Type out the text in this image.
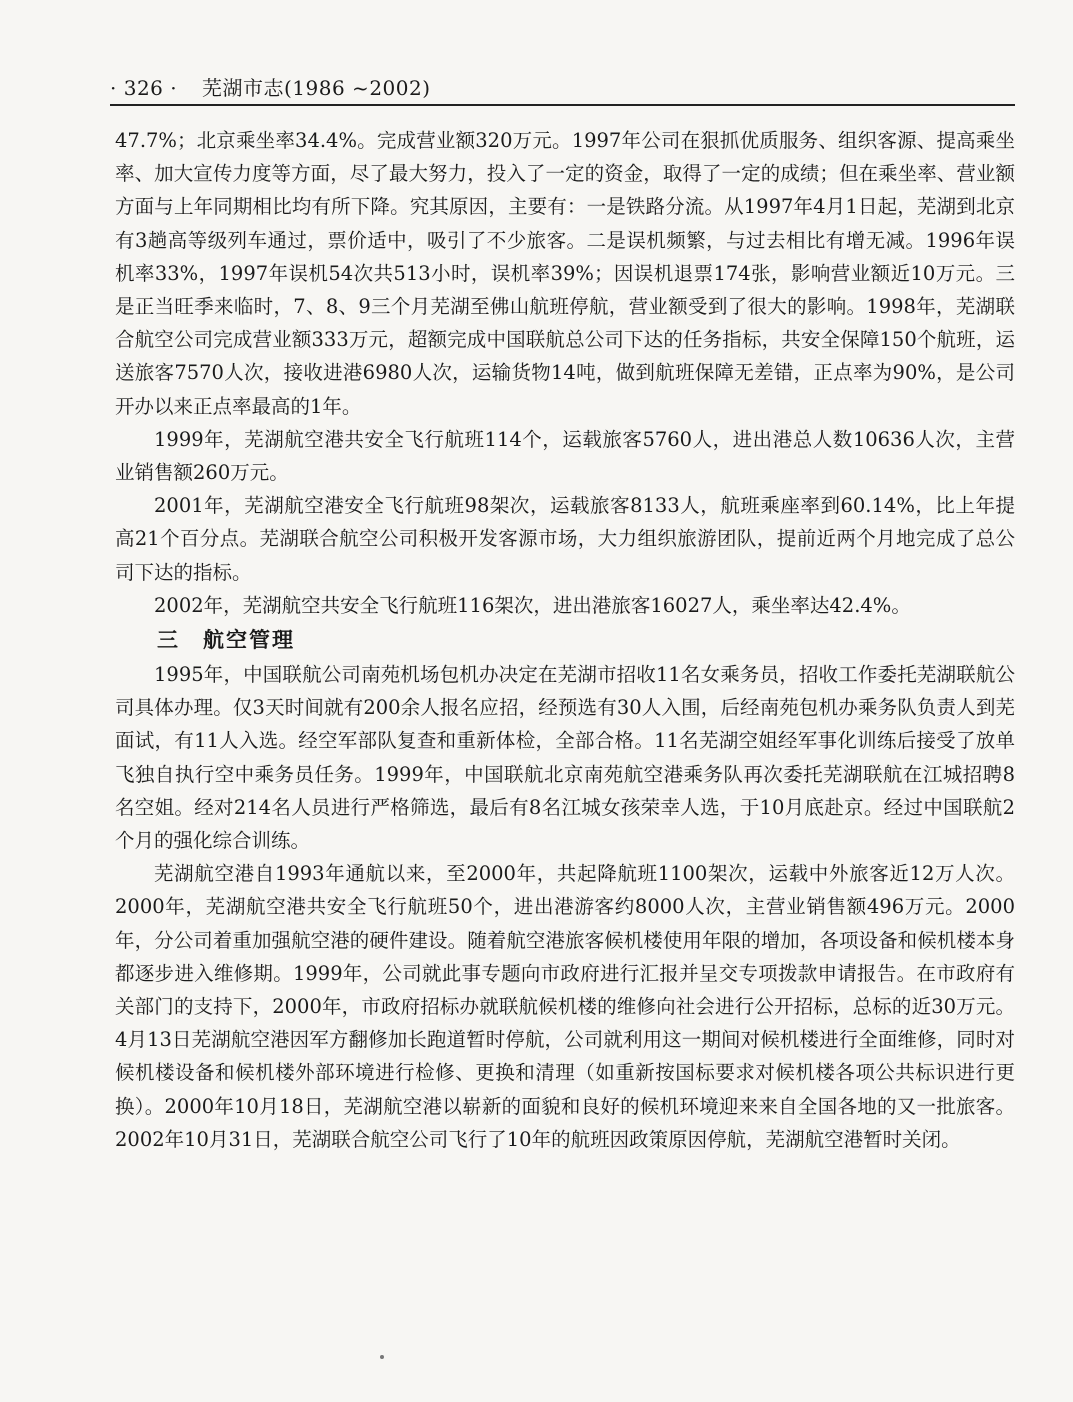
· 326 · 芜湖市志(1986 ~2002)

47.7%；北京乘坐率34.4%。完成营业额320万元。1997年公司在狠抓优质服务、组织客源、提高乘坐率、加大宣传力度等方面，尽了最大努力，投入了一定的资金，取得了一定的成绩；但在乘坐率、营业额方面与上年同期相比均有所下降。究其原因，主要有：一是铁路分流。从1997年4月1日起，芜湖到北京有3趟高等级列车通过，票价适中，吸引了不少旅客。二是误机频繁，与过去相比有增无减。1996年误机率33%，1997年误机54次共513小时，误机率39%；因误机退票174张，影响营业额近10万元。三是正当旺季来临时，7、8、9三个月芜湖至佛山航班停航，营业额受到了很大的影响。1998年，芜湖联合航空公司完成营业额333万元，超额完成中国联航总公司下达的任务指标，共安全保障150个航班，运送旅客7570人次，接收进港6980人次，运输货物14吨，做到航班保障无差错，正点率为90%，是公司开办以来正点率最高的1年。

1999年，芜湖航空港共安全飞行航班114个，运载旅客5760人，进出港总人数10636人次，主营业销售额260万元。

2001年，芜湖航空港安全飞行航班98架次，运载旅客8133人，航班乘座率到60.14%，比上年提高21个百分点。芜湖联合航空公司积极开发客源市场，大力组织旅游团队，提前近两个月地完成了总公司下达的指标。

2002年，芜湖航空共安全飞行航班116架次，进出港旅客16027人，乘坐率达42.4%。

三　航空管理

1995年，中国联航公司南苑机场包机办决定在芜湖市招收11名女乘务员，招收工作委托芜湖联航公司具体办理。仅3天时间就有200余人报名应招，经预选有30人入围，后经南苑包机办乘务队负责人到芜面试，有11人入选。经空军部队复查和重新体检，全部合格。11名芜湖空姐经军事化训练后接受了放单飞独自执行空中乘务员任务。1999年，中国联航北京南苑航空港乘务队再次委托芜湖联航在江城招聘8名空姐。经对214名人员进行严格筛选，最后有8名江城女孩荣幸人选，于10月底赴京。经过中国联航2个月的强化综合训练。

芜湖航空港自1993年通航以来，至2000年，共起降航班1100架次，运载中外旅客近12万人次。2000年，芜湖航空港共安全飞行航班50个，进出港游客约8000人次，主营业销售额496万元。2000年，分公司着重加强航空港的硬件建设。随着航空港旅客候机楼使用年限的增加，各项设备和候机楼本身都逐步进入维修期。1999年，公司就此事专题向市政府进行汇报并呈交专项拨款申请报告。在市政府有关部门的支持下，2000年，市政府招标办就联航候机楼的维修向社会进行公开招标，总标的近30万元。4月13日芜湖航空港因军方翻修加长跑道暂时停航，公司就利用这一期间对候机楼进行全面维修，同时对候机楼设备和候机楼外部环境进行检修、更换和清理（如重新按国标要求对候机楼各项公共标识进行更换）。2000年10月18日，芜湖航空港以崭新的面貌和良好的候机环境迎来来自全国各地的又一批旅客。2002年10月31日，芜湖联合航空公司飞行了10年的航班因政策原因停航，芜湖航空港暂时关闭。
